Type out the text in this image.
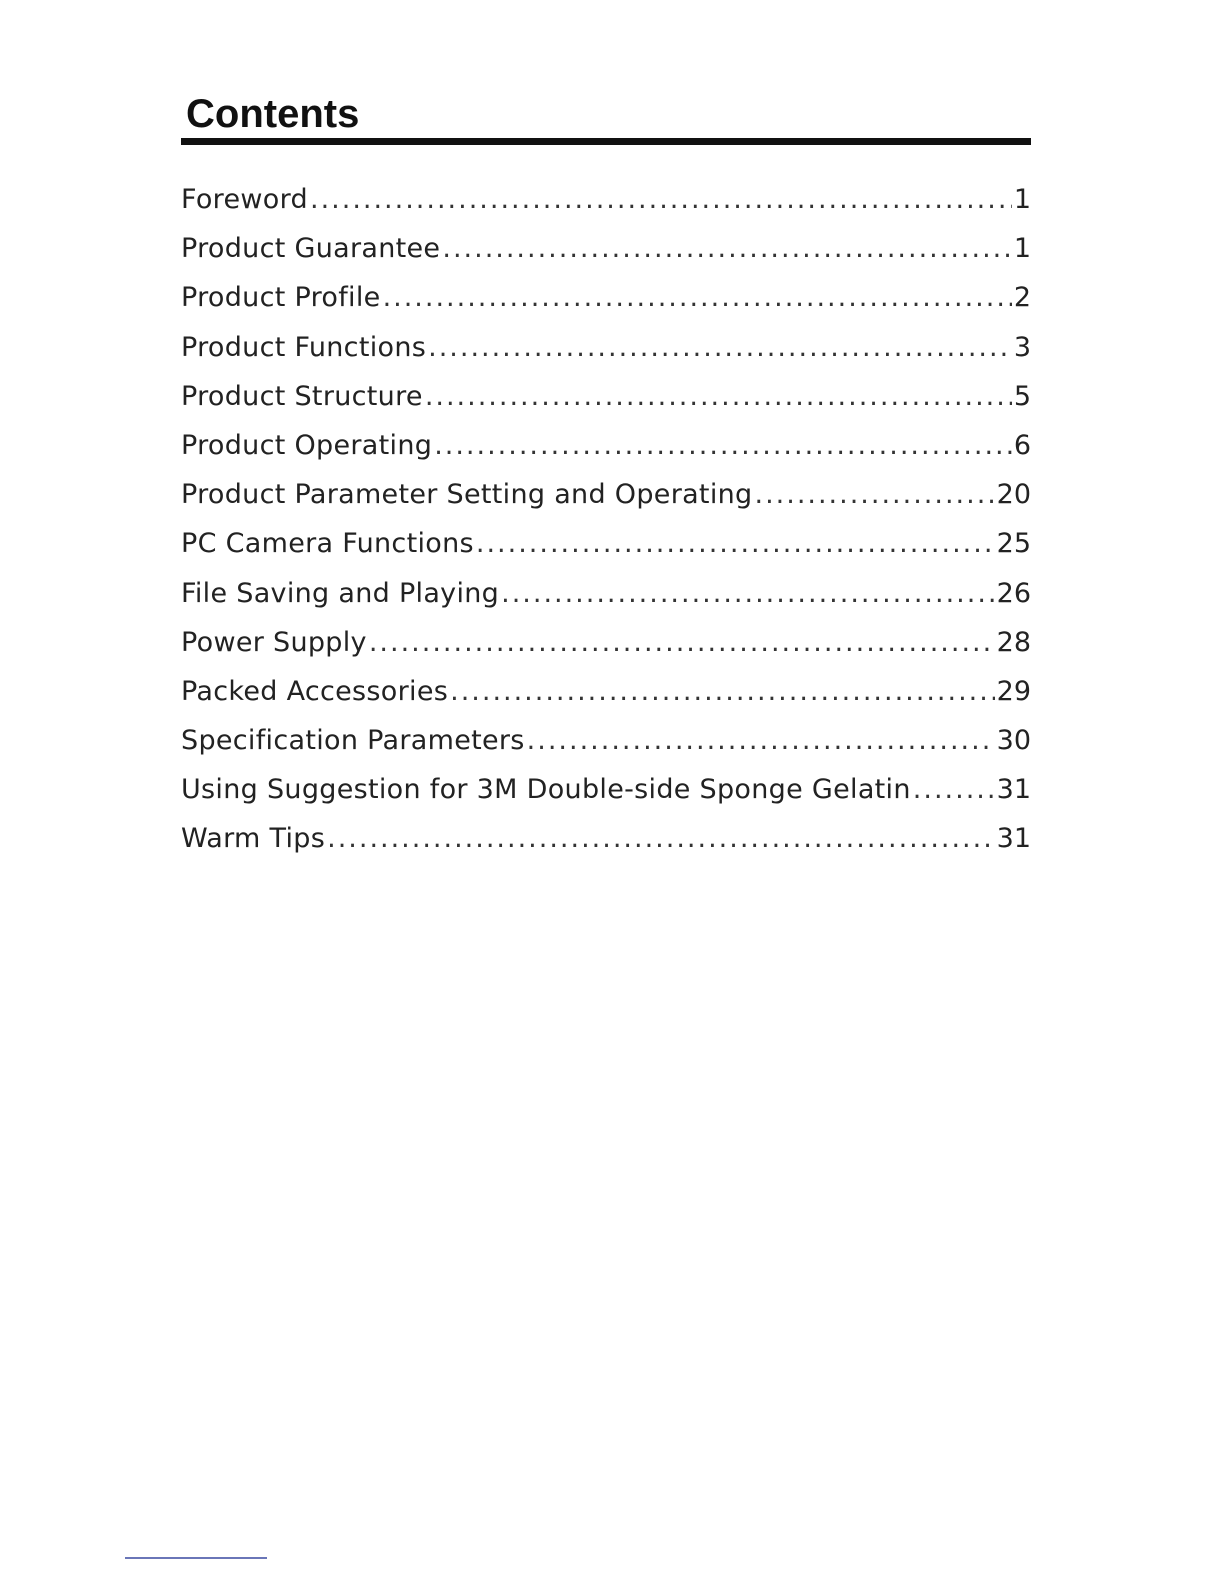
Contents
Foreword .....	1
Product Guarantee .....	1
Product Profile .....	2
Product Functions .....	3
Product Structure .....	5
Product Operating .....	6
Product Parameter Setting and Operating .....	20
PC Camera Functions .....	25
File Saving and Playing .....	26
Power Supply .....	28
Packed Accessories .....	29
Specification Parameters .....	30
Using Suggestion for 3M Double-side Sponge Gelatin .....	31
Warm Tips .....	31
